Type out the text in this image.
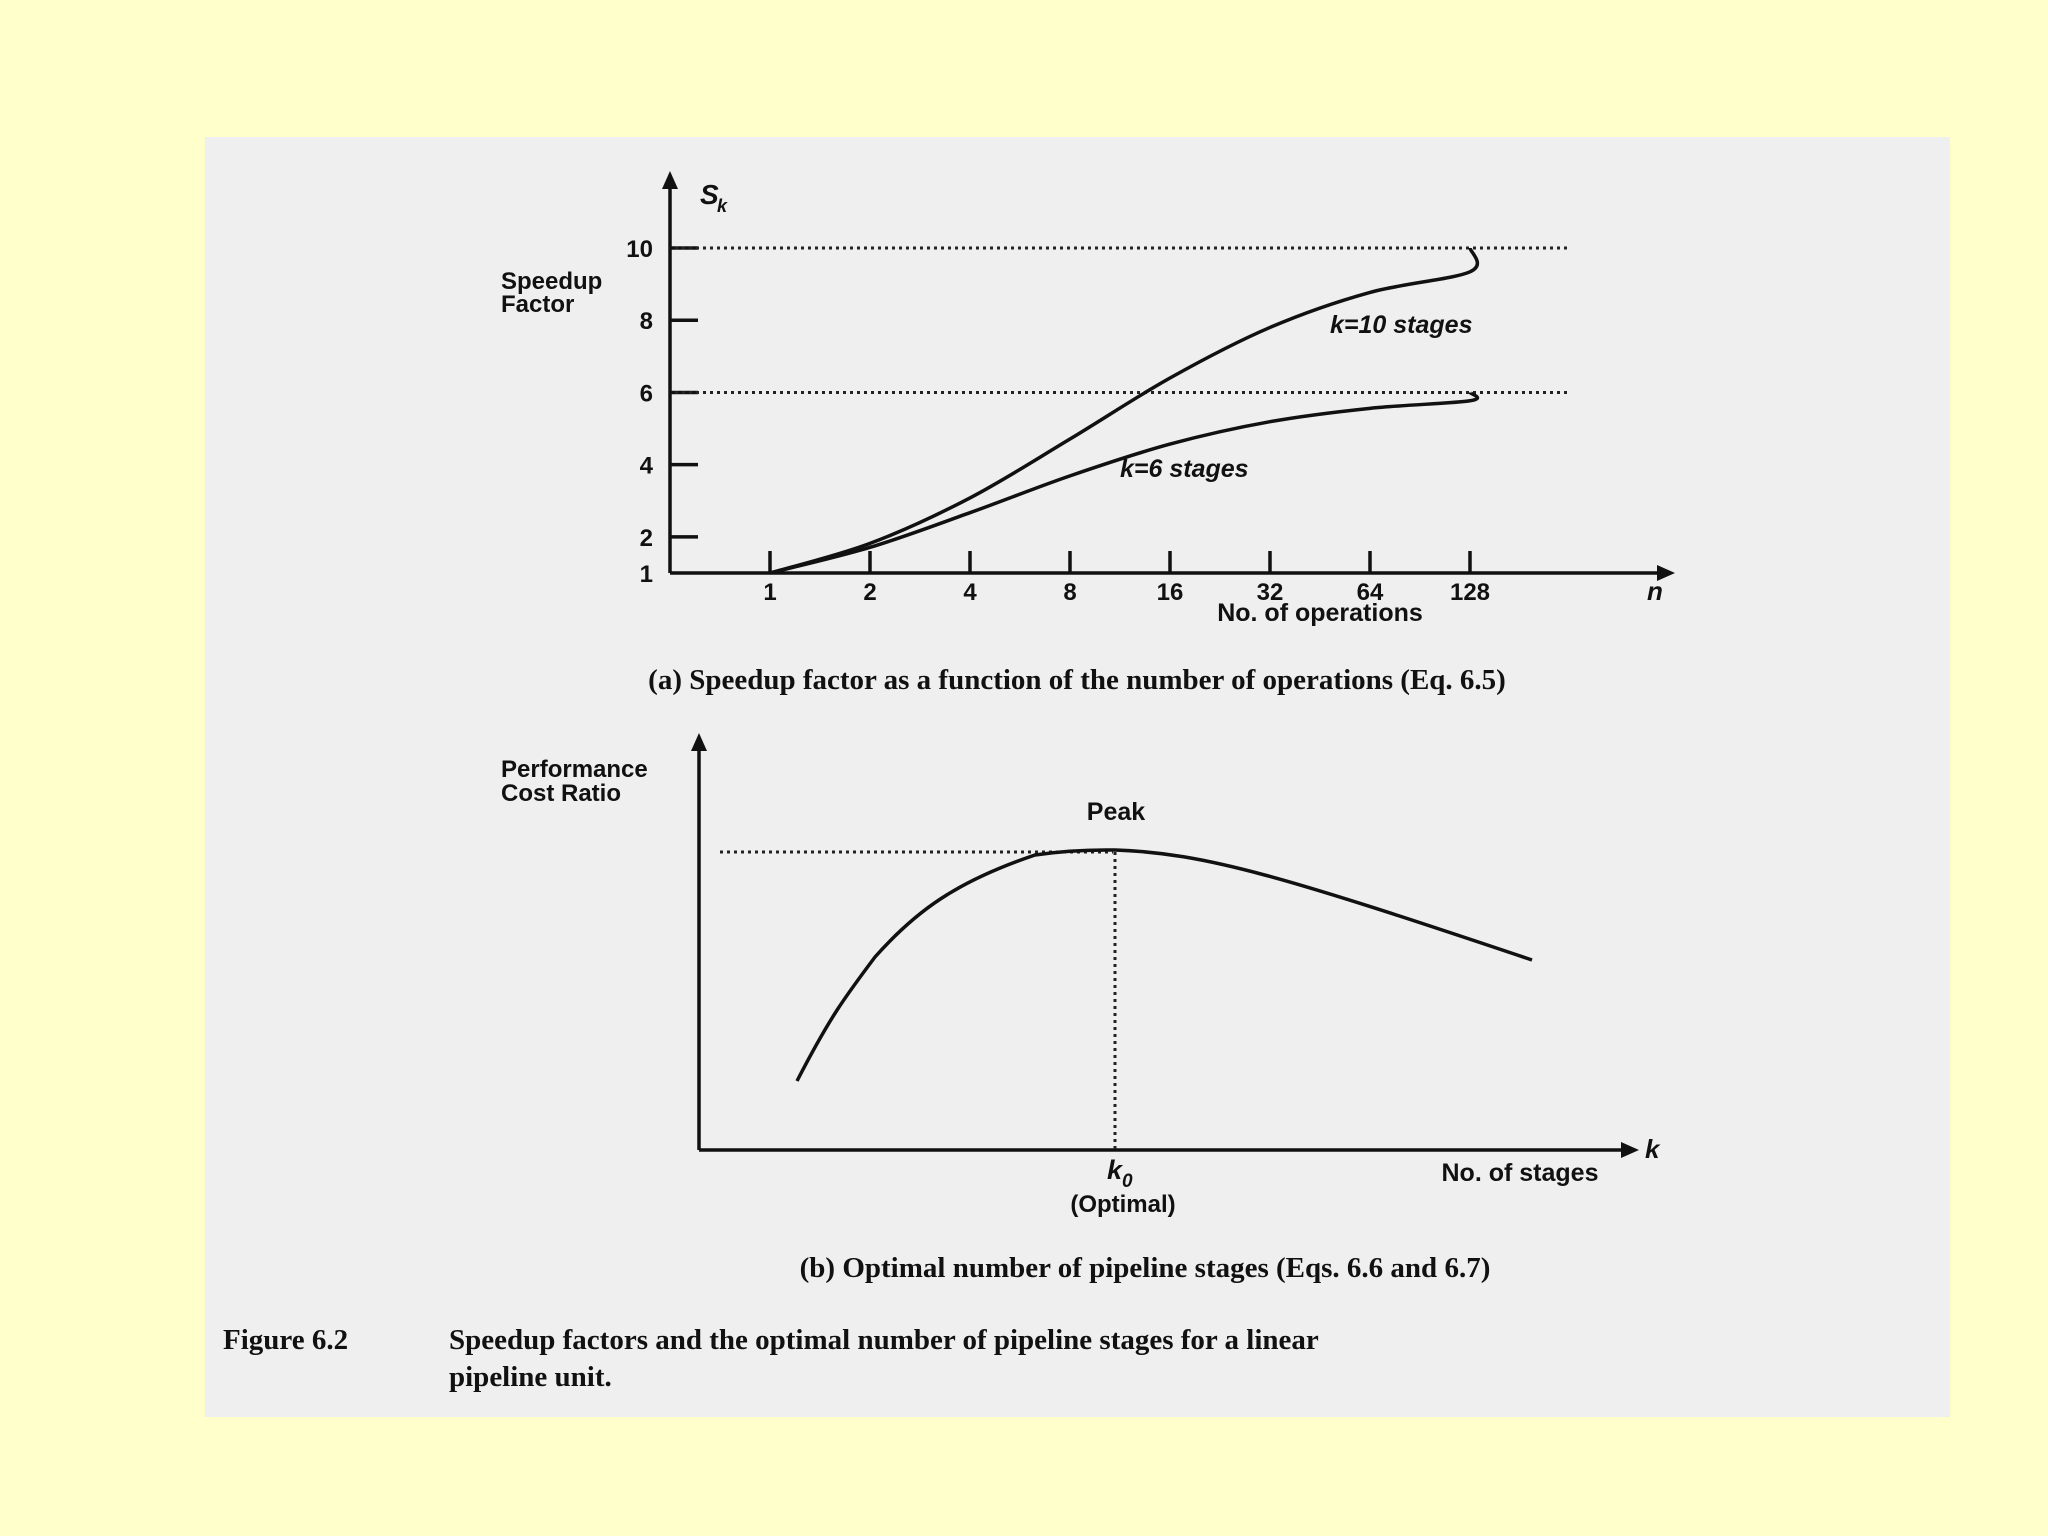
S
k
Speedup
Factor
1
2
4
6
8
10
1	2	4	8	16	32	64	128
k=10 stages
k=6 stages
n
No. of operations
(a) Speedup factor as a function of the number of operations (Eq. 6.5)
Performance
Cost Ratio
Peak
k
No. of stages
k 0
(Optimal)
(b) Optimal number of pipeline stages (Eqs. 6.6 and 6.7)
Figure 6.2	Speedup factors and the optimal number of pipeline stages for a linear
pipeline unit.
